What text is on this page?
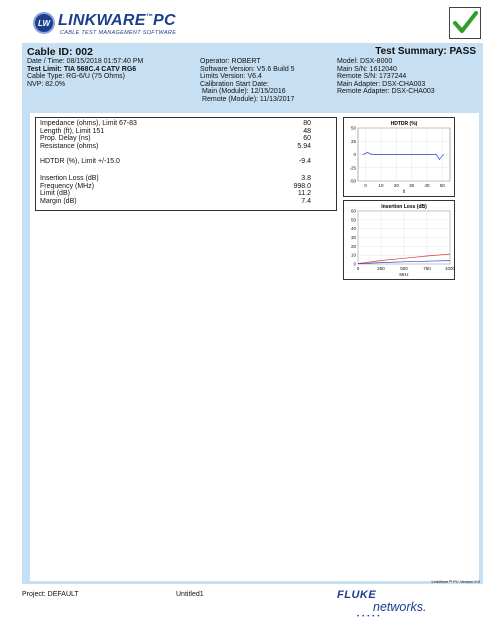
LW LINKWARE™PC
CABLE TEST MANAGEMENT SOFTWARE
Cable ID: 002	Test Summary: PASS
Date / Time: 08/15/2018 01:57:40 PM
Test Limit: TIA 568C.4 CATV RG6
Cable Type: RG-6/U (75 Ohms)
NVP: 82.0%
Operator: ROBERT
Software Version: V5.6 Build 5
Limits Version: V6.4
Calibration Start Date:
Main (Module): 12/15/2016
Remote (Module): 11/13/2017
Model: DSX-8000
Main S/N: 1612040
Remote S/N: 1737244
Main Adapter: DSX-CHA003
Remote Adapter: DSX-CHA003
Impedance (ohms), Limit 67-83	80
Length (ft), Limit 151	48
Prop. Delay (ns)	60
Resistance (ohms)	5.94
HDTDR (%), Limit +/-15.0	-9.4
Insertion Loss (dB)	3.8
Frequency (MHz)	998.0
Limit (dB)	11.2
Margin (dB)	7.4
HDTDR (%)
50
25
0
-25
-50
0	10 20 30 40 50
ft
Insertion Loss (dB)
60
50
40
30
20
10
0
0	250	500	750	1000
MHz
LinkWare™ PC Version 9.9
Project: DEFAULT	Untitled1	FLUKE
networks.
•••••
